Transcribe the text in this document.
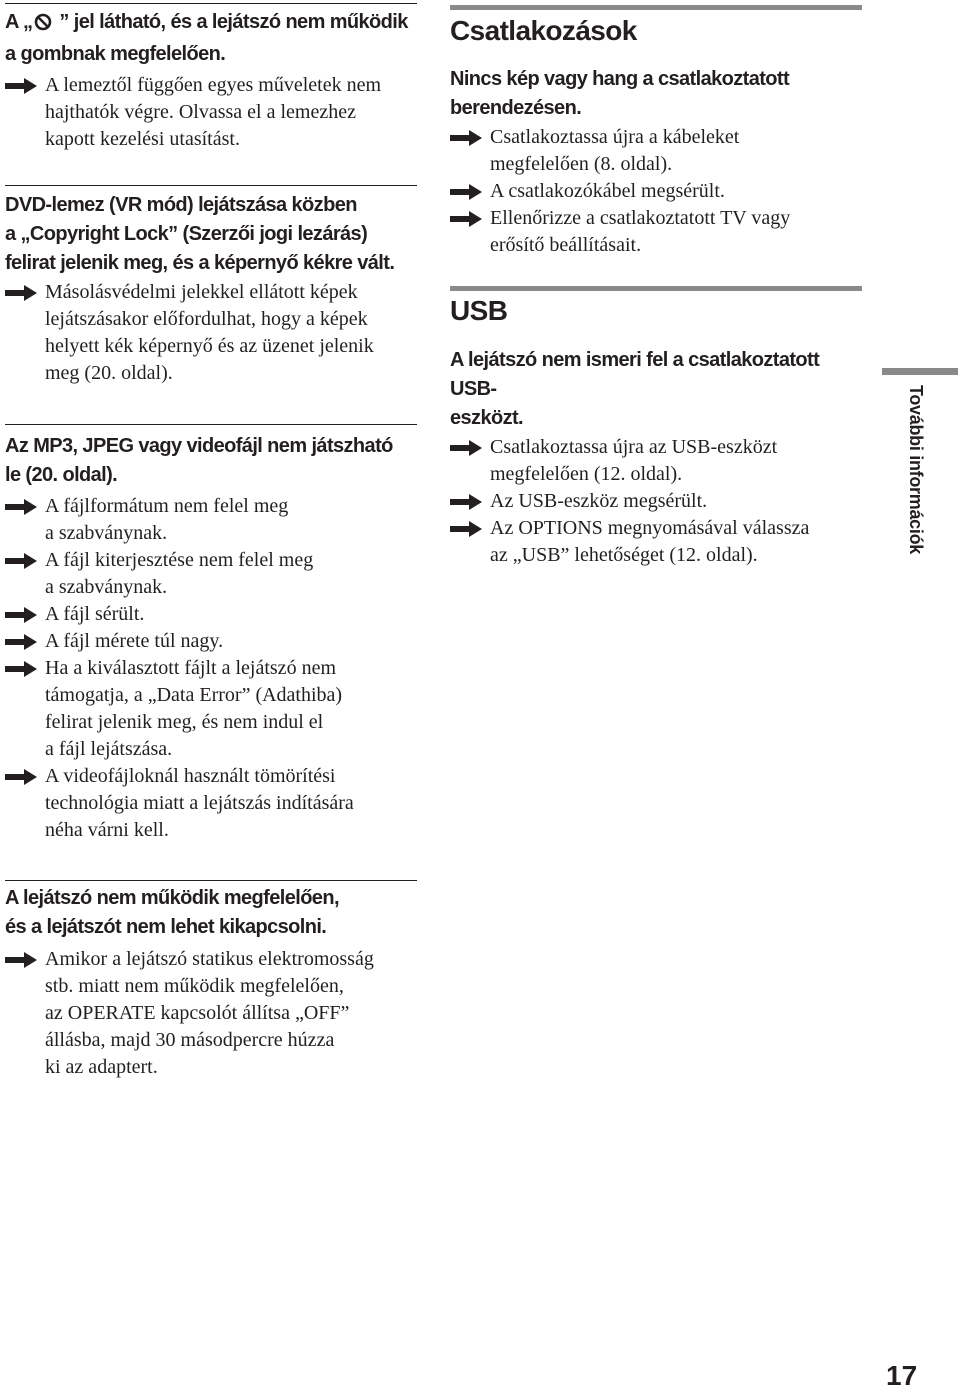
A „ ” jel látható, és a lejátszó nem működik
a gombnak megfelelően.

A lemeztől függően egyes műveletek nem
hajthatók végre. Olvassa el a lemezhez
kapott kezelési utasítást.

DVD-lemez (VR mód) lejátszása közben
a „Copyright Lock” (Szerzői jogi lezárás)
felirat jelenik meg, és a képernyő kékre vált.

Másolásvédelmi jelekkel ellátott képek
lejátszásakor előfordulhat, hogy a képek
helyett kék képernyő és az üzenet jelenik
meg (20. oldal).

Az MP3, JPEG vagy videofájl nem játszható
le (20. oldal).

A fájlformátum nem felel meg
a szabványnak.
A fájl kiterjesztése nem felel meg
a szabványnak.
A fájl sérült.
A fájl mérete túl nagy.
Ha a kiválasztott fájlt a lejátszó nem
támogatja, a „Data Error” (Adathiba)
felirat jelenik meg, és nem indul el
a fájl lejátszása.
A videofájloknál használt tömörítési
technológia miatt a lejátszás indítására
néha várni kell.

A lejátszó nem működik megfelelően,
és a lejátszót nem lehet kikapcsolni.

Amikor a lejátszó statikus elektromosság
stb. miatt nem működik megfelelően,
az OPERATE kapcsolót állítsa „OFF”
állásba, majd 30 másodpercre húzza
ki az adaptert.

Csatlakozások

Nincs kép vagy hang a csatlakoztatott
berendezésen.

Csatlakoztassa újra a kábeleket
megfelelően (8. oldal).
A csatlakozókábel megsérült.
Ellenőrizze a csatlakoztatott TV vagy
erősítő beállításait.

USB

A lejátszó nem ismeri fel a csatlakoztatott USB-
eszközt.

Csatlakoztassa újra az USB-eszközt
megfelelően (12. oldal).
Az USB-eszköz megsérült.
Az OPTIONS megnyomásával válassza
az „USB” lehetőséget (12. oldal).
További információk
17
